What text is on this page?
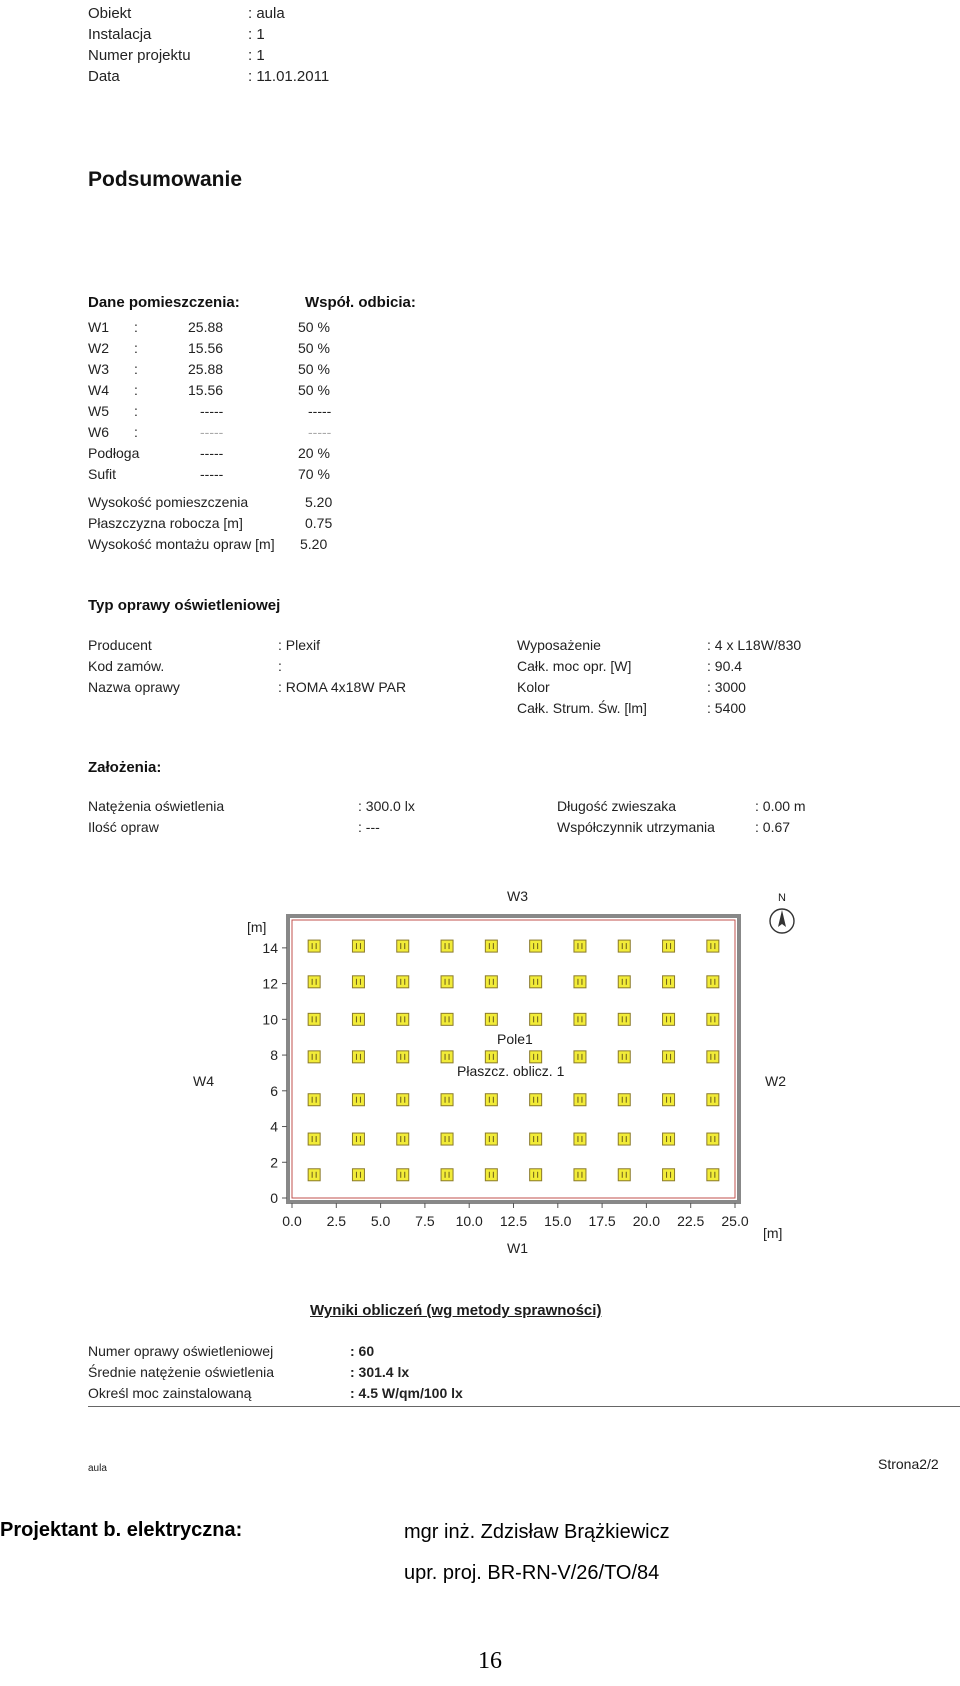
Obiekt	: aula
Instalacja	: 1
Numer projektu	: 1
Data	: 11.01.2011
Podsumowanie
Dane pomieszczenia:	Współ. odbicia:
W1 :	25.88	50 %
W2 :	15.56	50 %
W3 :	25.88	50 %
W4 :	15.56	50 %
W5 :	-----	-----
W6 :	-----	-----
Podłoga	-----	20 %
Sufit	-----	70 %
Wysokość pomieszczenia	5.20
Płaszczyzna robocza [m]	0.75
Wysokość montażu opraw [m] 5.20
Typ oprawy oświetleniowej
Producent	: Plexif
Kod zamów.	:
Nazwa oprawy	: ROMA 4x18W PAR
Wyposażenie	: 4 x L18W/830
Całk. moc opr. [W]	: 90.4
Kolor	: 3000
Całk. Strum. Św. [lm]	: 5400
Założenia:
Natężenia oświetlenia	: 300.0 lx
Ilość opraw	: ---
Długość zwieszaka	: 0.00 m
Współczynnik utrzymania	: 0.67
W3
W1
W4	W2
[m]
[m]
N
0
2
4
6
8
10
12
14
0.0 2.5 5.0 7.5 10.0 12.5 15.0 17.5 20.0 22.5 25.0
Pole1
Płaszcz. oblicz. 1
Wyniki obliczeń (wg metody sprawności)
Numer oprawy oświetleniowej	: 60
Średnie natężenie oświetlenia	: 301.4 lx
Określ moc zainstalowaną	: 4.5 W/qm/100 lx
aula	Strona2/2
Projektant b. elektryczna:	mgr inż. Zdzisław Brążkiewicz
upr. proj. BR-RN-V/26/TO/84
16
